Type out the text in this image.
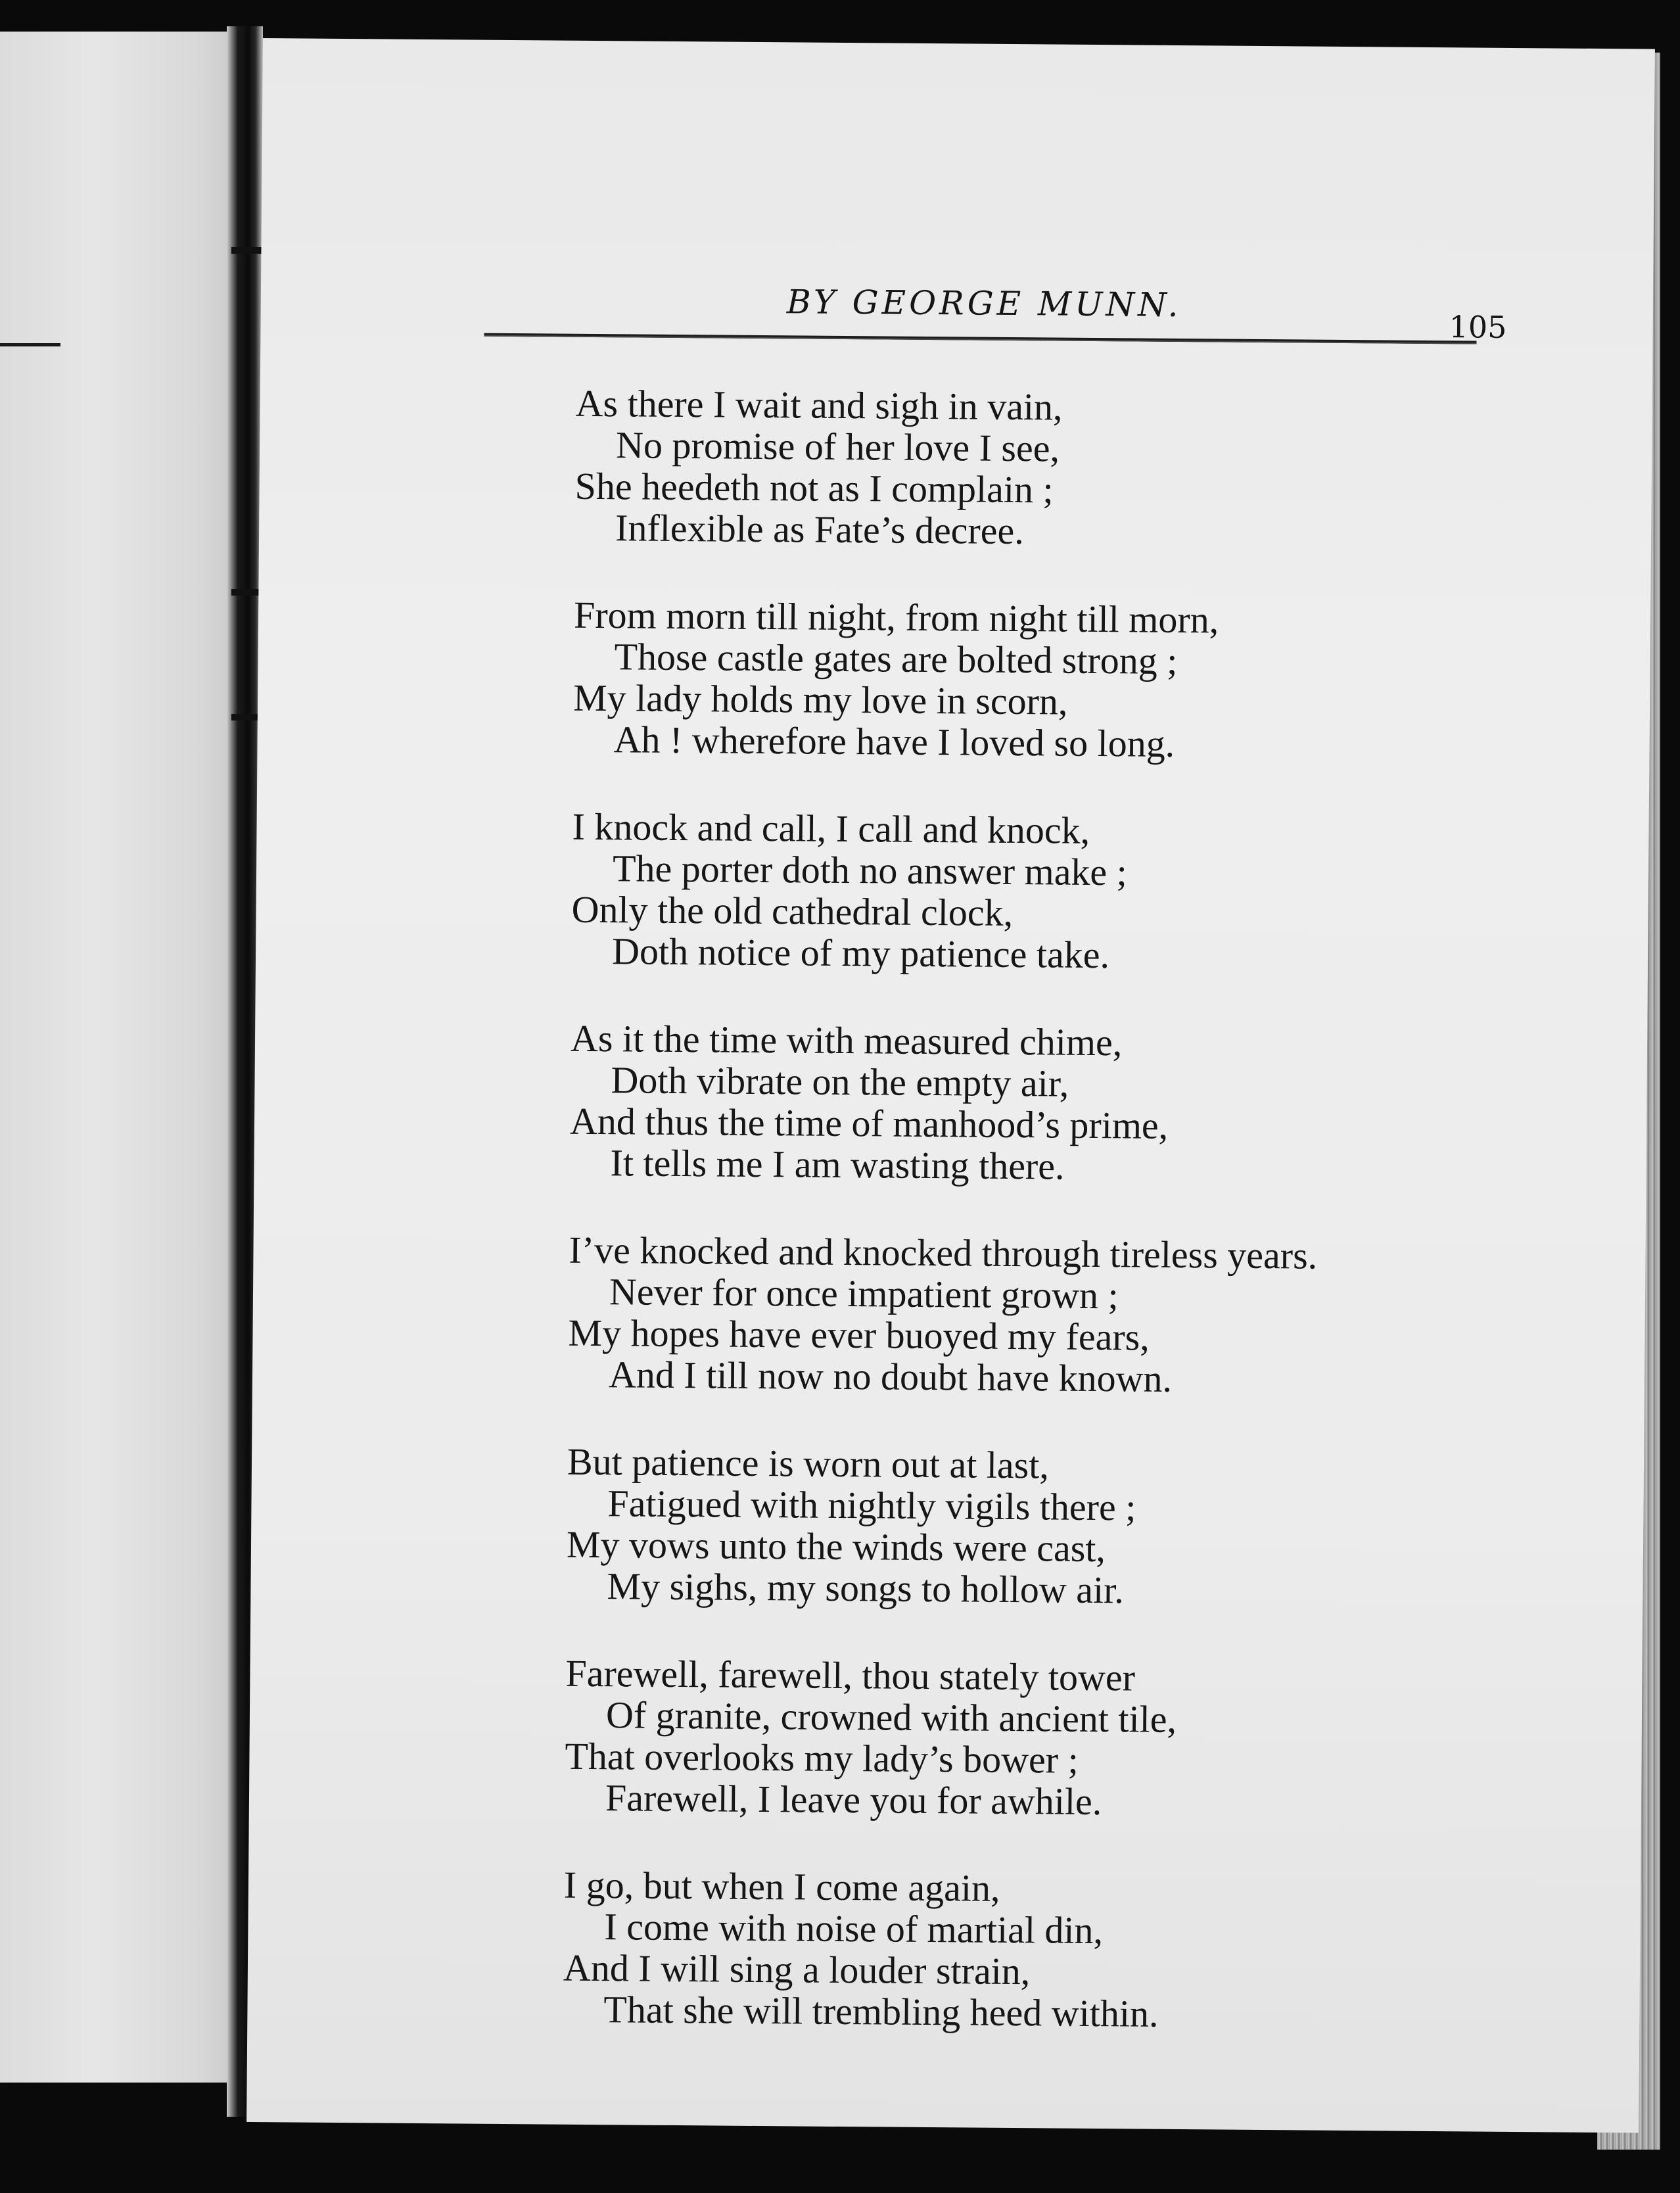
BY GEORGE MUNN.

105

As there I wait and sigh in vain,
No promise of her love I see,
She heedeth not as I complain ;
Inflexible as Fate’s decree.
From morn till night, from night till morn,
Those castle gates are bolted strong ;
My lady holds my love in scorn,
Ah ! wherefore have I loved so long.
I knock and call, I call and knock,
The porter doth no answer make ;
Only the old cathedral clock,
Doth notice of my patience take.
As it the time with measured chime,
Doth vibrate on the empty air,
And thus the time of manhood’s prime,
It tells me I am wasting there.
I’ve knocked and knocked through tireless years.
Never for once impatient grown ;
My hopes have ever buoyed my fears,
And I till now no doubt have known.
But patience is worn out at last,
Fatigued with nightly vigils there ;
My vows unto the winds were cast,
My sighs, my songs to hollow air.
Farewell, farewell, thou stately tower
Of granite, crowned with ancient tile,
That overlooks my lady’s bower ;
Farewell, I leave you for awhile.
I go, but when I come again,
I come with noise of martial din,
And I will sing a louder strain,
That she will trembling heed within.
